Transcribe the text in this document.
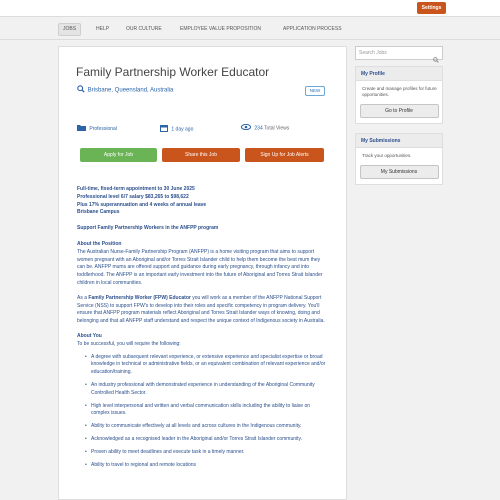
Settings
JOBS	HELP	OUR CULTURE	EMPLOYEE VALUE PROPOSITION	APPLICATION PROCESS
Family Partnership Worker Educator
Brisbane, Queensland, Australia	NEW
Professional	1 day ago	234 Total Views
Apply for Job	Share this Job	Sign Up for Job Alerts
Full-time, fixed-term appointment to 30 June 2025
Professional level 6/7 salary $83,265 to $98,622
Plus 17% superannuation and 4 weeks of annual leave
Brisbane Campus
Support Family Partnership Workers in the ANFPP program
About the Position

The Australian Nurse-Family Partnership Program (ANFPP) is a home visiting program that aims to support women pregnant with an Aboriginal and/or Torres Strait Islander child to help them become the best mum they can be. ANFPP mums are offered support and guidance during early pregnancy, through infancy and into toddlerhood. The ANFPP is an important early investment into the future of Aboriginal and Torres Strait Islander children in local communities.

As a Family Partnership Worker (FPW) Educator you will work as a member of the ANFPP National Support Service (NSS) to support FPW's to develop into their roles and specific competency in program delivery. You'll ensure that ANFPP program materials reflect Aboriginal and Torres Strait Islander ways of knowing, doing and belonging and that all ANFPP staff understand and respect the unique context of Indigenous society in Australia.

About You
To be successful, you will require the following:
• A degree with subsequent relevant experience, or extensive experience and specialist expertise or broad knowledge in technical or administrative fields, or an equivalent combination of relevant experience and/or education/training.
• An industry professional with demonstrated experience in understanding of the Aboriginal Community Controlled Health Sector.
• High level interpersonal and written and verbal communication skills including the ability to liaise on complex issues.
• Ability to communicate effectively at all levels and across cultures in the Indigenous community.
• Acknowledged as a recognised leader in the Aboriginal and/or Torres Strait Islander community.
• Proven ability to meet deadlines and execute task in a timely manner.
• Ability to travel to regional and remote locations
Search Jobs
My Profile
Create and manage profiles for future opportunities.
Go to Profile
My Submissions
Track your opportunities.
My Submissions
